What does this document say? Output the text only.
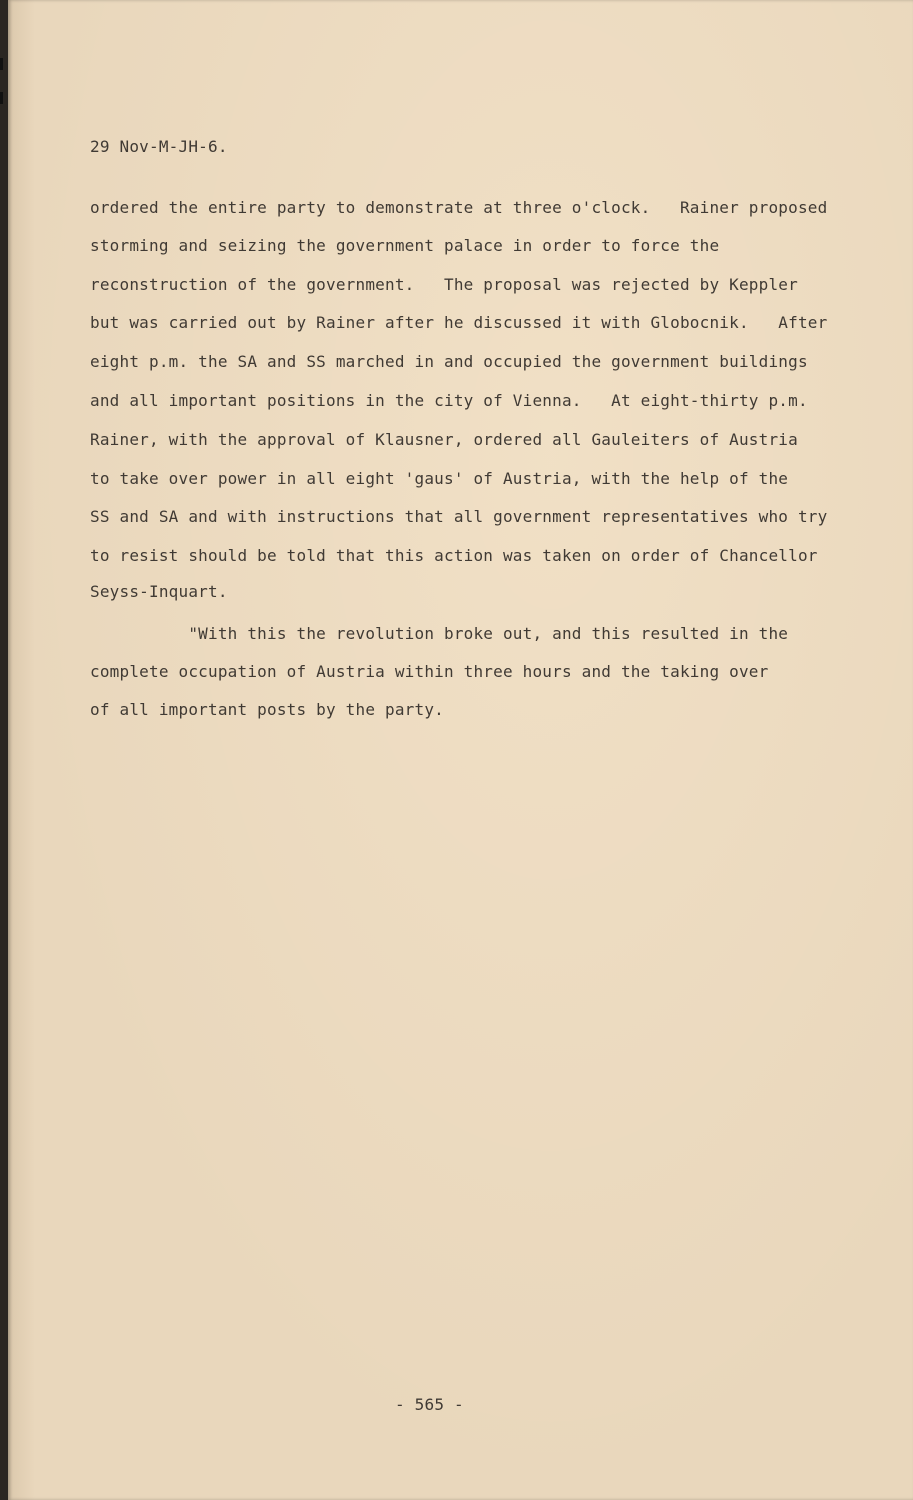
29 Nov-M-JH-6.
ordered the entire party to demonstrate at three o'clock.   Rainer proposed
storming and seizing the government palace in order to force the
reconstruction of the government.   The proposal was rejected by Keppler
but was carried out by Rainer after he discussed it with Globocnik.   After
eight p.m. the SA and SS marched in and occupied the government buildings
and all important positions in the city of Vienna.   At eight-thirty p.m.
Rainer, with the approval of Klausner, ordered all Gauleiters of Austria
to take over power in all eight 'gaus' of Austria, with the help of the
SS and SA and with instructions that all government representatives who try
to resist should be told that this action was taken on order of Chancellor
Seyss-Inquart.
"With this the revolution broke out, and this resulted in the
complete occupation of Austria within three hours and the taking over
of all important posts by the party.
- 565 -
